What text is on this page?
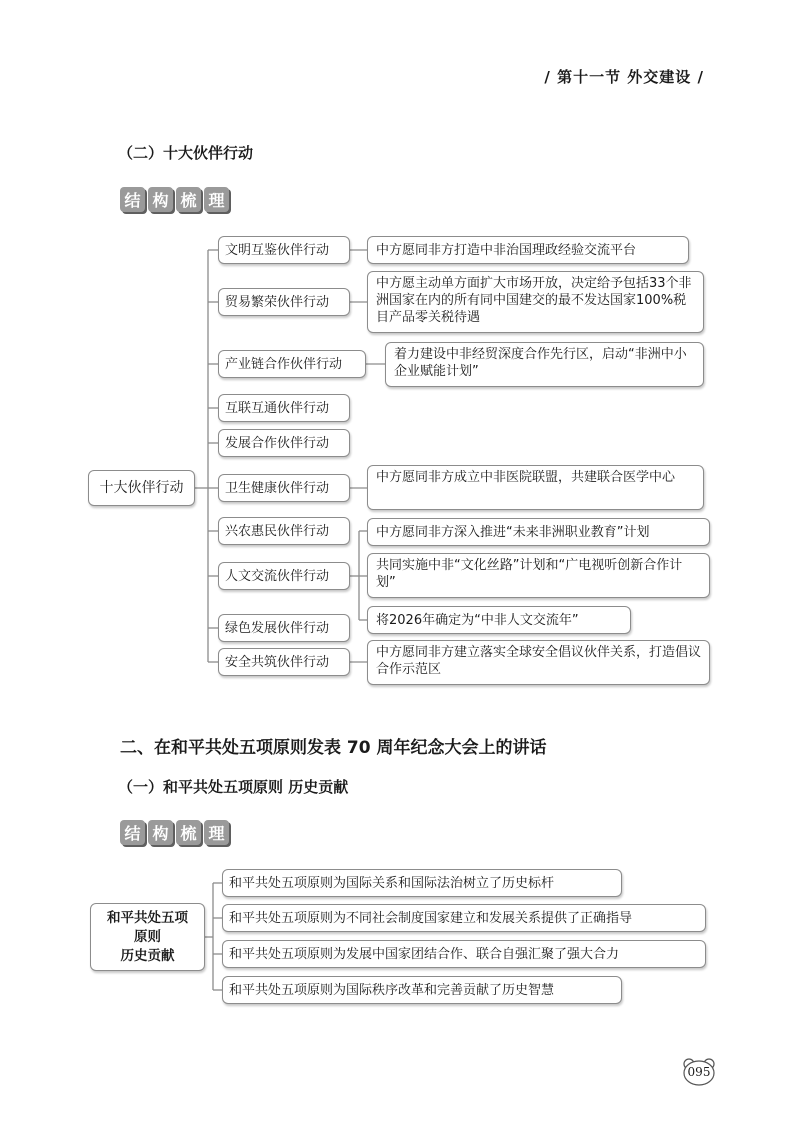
/ 第十一节 外交建设 /
（二）十大伙伴行动
结 构 梳 理
十大伙伴行动
文明互鉴伙伴行动
贸易繁荣伙伴行动
产业链合作伙伴行动
互联互通伙伴行动
发展合作伙伴行动
卫生健康伙伴行动
兴农惠民伙伴行动
人文交流伙伴行动
绿色发展伙伴行动
安全共筑伙伴行动
中方愿同非方打造中非治国理政经验交流平台
中方愿主动单方面扩大市场开放，决定给予包括33个非洲国家在内的所有同中国建交的最不发达国家100%税目产品零关税待遇
着力建设中非经贸深度合作先行区，启动“非洲中小企业赋能计划”
中方愿同非方成立中非医院联盟，共建联合医学中心
中方愿同非方深入推进“未来非洲职业教育”计划
共同实施中非“文化丝路”计划和“广电视听创新合作计划”
将2026年确定为“中非人文交流年”
中方愿同非方建立落实全球安全倡议伙伴关系，打造倡议合作示范区
二、在和平共处五项原则发表 70 周年纪念大会上的讲话
（一）和平共处五项原则 历史贡献
结 构 梳 理
和平共处五项
原则
历史贡献
和平共处五项原则为国际关系和国际法治树立了历史标杆
和平共处五项原则为不同社会制度国家建立和发展关系提供了正确指导
和平共处五项原则为发展中国家团结合作、联合自强汇聚了强大合力
和平共处五项原则为国际秩序改革和完善贡献了历史智慧
095
